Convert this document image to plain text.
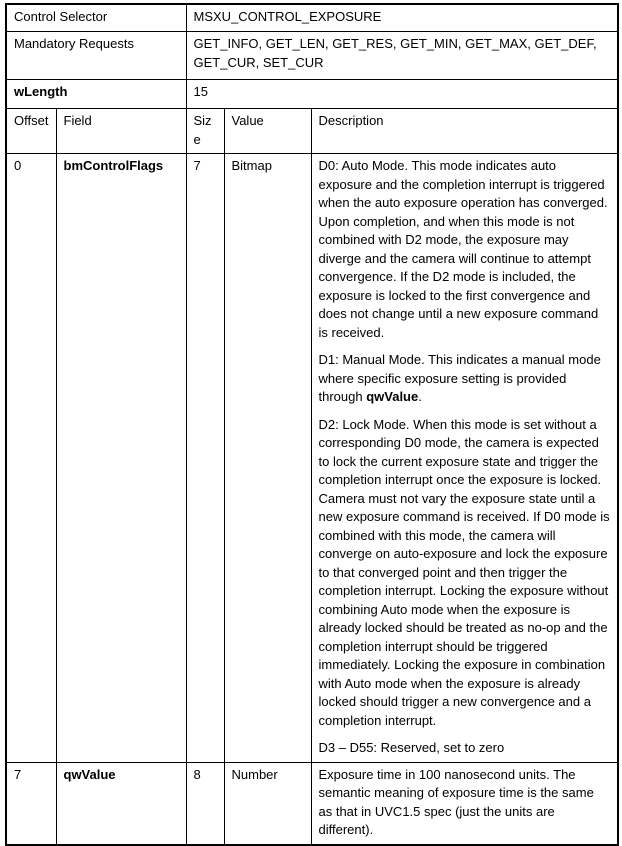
Control Selector		MSXU_CONTROL_EXPOSURE		
Mandatory Requests		GET_INFO, GET_LEN, GET_RES, GET_MIN, GET_MAX, GET_DEF, GET_CUR, SET_CUR		
wLength		15		
Offset	Field	Size	Value	Description
0	bmControlFlags	7	Bitmap	D0: Auto Mode. This mode indicates auto exposure and the completion interrupt is triggered when the auto exposure operation has converged. Upon completion, and when this mode is not combined with D2 mode, the exposure may diverge and the camera will continue to attempt convergence. If the D2 mode is included, the exposure is locked to the first convergence and does not change until a new exposure command is received.

D1: Manual Mode. This indicates a manual mode where specific exposure setting is provided through qwValue.

D2: Lock Mode. When this mode is set without a corresponding D0 mode, the camera is expected to lock the current exposure state and trigger the completion interrupt once the exposure is locked. Camera must not vary the exposure state until a new exposure command is received. If D0 mode is combined with this mode, the camera will converge on auto-exposure and lock the exposure to that converged point and then trigger the completion interrupt. Locking the exposure without combining Auto mode when the exposure is already locked should be treated as no-op and the completion interrupt should be triggered immediately. Locking the exposure in combination with Auto mode when the exposure is already locked should trigger a new convergence and a completion interrupt.

D3 – D55: Reserved, set to zero

7	qwValue	8	Number	Exposure time in 100 nanosecond units. The semantic meaning of exposure time is the same as that in UVC1.5 spec (just the units are different).
